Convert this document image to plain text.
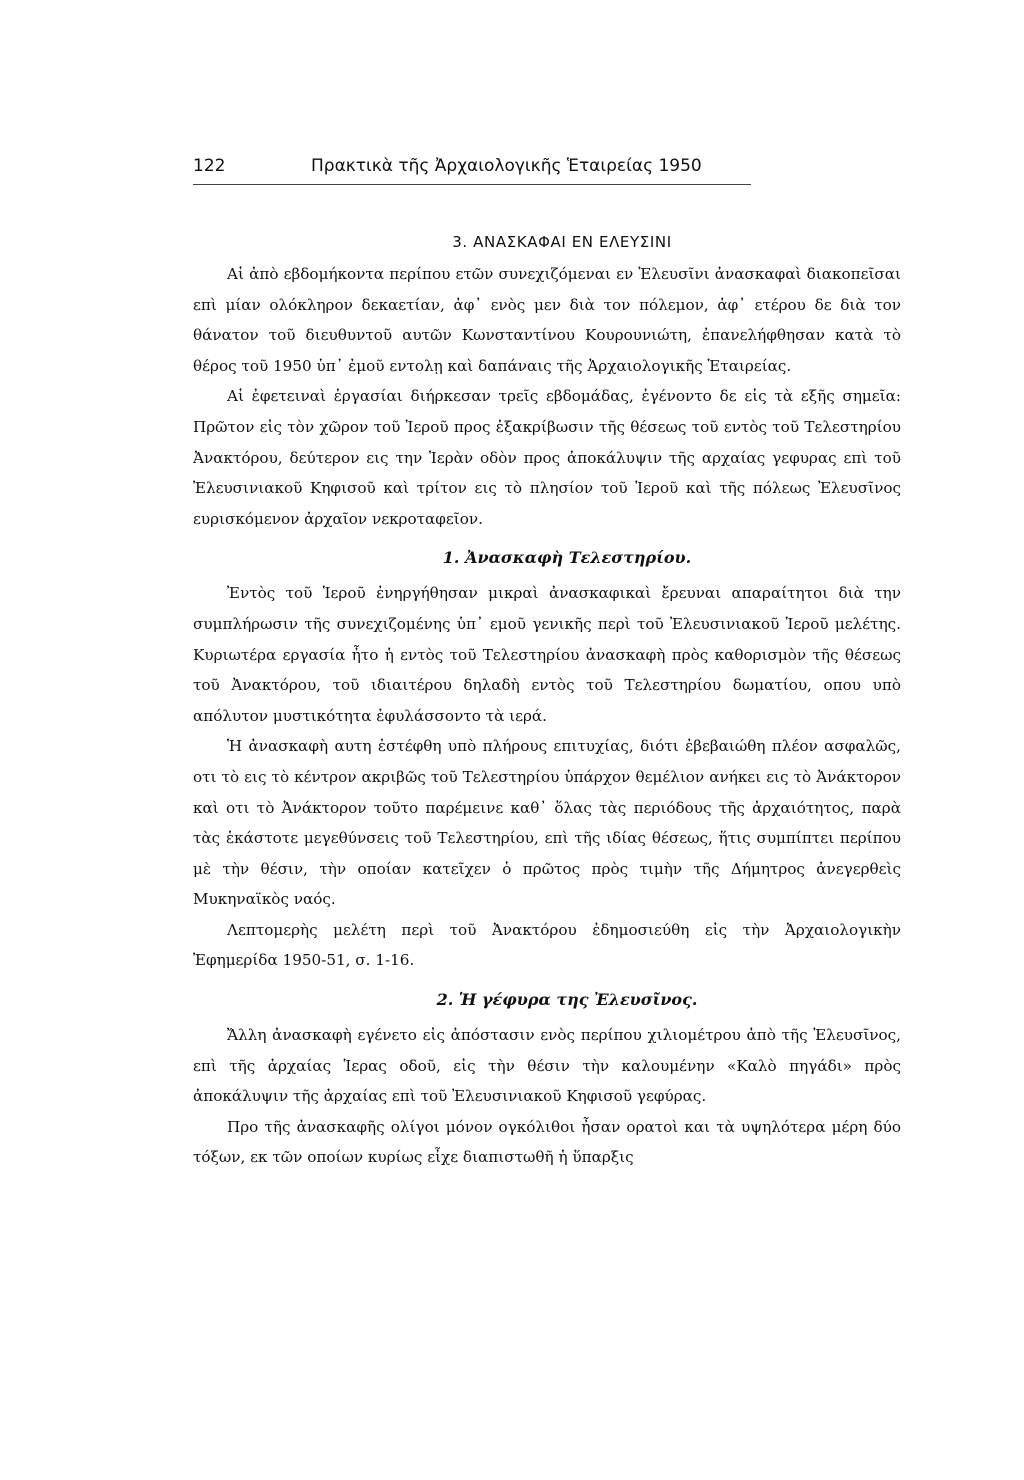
122	Πρακτικὰ τῆς Ἀρχαιολογικῆς Ἑταιρείας 1950

3. ΑΝΑΣΚΑΦΑΙ ΕΝ ΕΛΕΥΣΙΝΙ

Αἱ ἀπὸ εβδομήκοντα περίπου ετῶν συνεχιζόμεναι εν Ἐλευσῖνι ἀνασκαφαὶ διακοπεῖσαι επὶ μίαν ολόκληρον δεκαετίαν, ἀφ᾽ ενὸς μεν διὰ τον πόλεμον, ἀφ᾽ ετέρου δε διὰ τον θάνατον τοῦ διευθυντοῦ αυτῶν Κωνσταντίνου Κουρουνιώτη, ἐπανελήφθησαν κατὰ τὸ θέρος τοῦ 1950 ὑπ᾽ ἐμοῦ εντολῃ καὶ δαπάναις τῆς Ἀρχαιολογικῆς Ἑταιρείας.

Αἱ ἐφετειναὶ ἐργασίαι διήρκεσαν τρεῖς εβδομάδας, ἐγένοντο δε εἰς τὰ εξῆς σημεῖα: Πρῶτον εἰς τὸν χῶρον τοῦ Ἱεροῦ προς ἐξακρίβωσιν τῆς θέσεως τοῦ εντὸς τοῦ Τελεστηρίου Ἀνακτόρου, δεύτερον εις την Ἱερὰν οδὸν προς ἀποκάλυψιν τῆς αρχαίας γεφυρας επὶ τοῦ Ἐλευσινιακοῦ Κηφισοῦ καὶ τρίτον εις τὸ πλησίον τοῦ Ἱεροῦ καὶ τῆς πόλεως Ἐλευσῖνος ευρισκόμενον ἀρχαῖον νεκροταφεῖον.

1. Ἀνασκαφὴ Τελεστηρίου.

Ἐντὸς τοῦ Ἱεροῦ ἐνηργήθησαν μικραὶ ἀνασκαφικαὶ ἔρευναι απαραίτητοι διὰ την συμπλήρωσιν τῆς συνεχιζομένης ὑπ᾽ εμοῦ γενικῆς περὶ τοῦ Ἐλευσινιακοῦ Ἱεροῦ μελέτης. Κυριωτέρα εργασία ἦτο ἡ εντὸς τοῦ Τελεστηρίου ἀνασκαφὴ πρὸς καθορισμὸν τῆς θέσεως τοῦ Ἀνακτόρου, τοῦ ιδιαιτέρου δηλαδὴ εντὸς τοῦ Τελεστηρίου δωματίου, οπου υπὸ απόλυτον μυστικότητα ἐφυλάσσοντο τὰ ιερά.

Ἡ ἀνασκαφὴ αυτη ἐστέφθη υπὸ πλήρους επιτυχίας, διότι ἐβεβαιώθη πλέον ασφαλῶς, οτι τὸ εις τὸ κέντρον ακριβῶς τοῦ Τελεστηρίου ὑπάρχον θεμέλιον ανήκει εις τὸ Ἀνάκτορον καὶ οτι τὸ Ἀνάκτορον τοῦτο παρέμεινε καθ᾽ ὅλας τὰς περιόδους τῆς ἀρχαιότητος, παρὰ τὰς ἑκάστοτε μεγεθύνσεις τοῦ Τελεστηρίου, επὶ τῆς ιδίας θέσεως, ἥτις συμπίπτει περίπου μὲ τὴν θέσιν, τὴν οποίαν κατεῖχεν ὁ πρῶτος πρὸς τιμὴν τῆς Δήμητρος ἀνεγερθεὶς Μυκηναϊκὸς ναός.

Λεπτομερὴς μελέτη περὶ τοῦ Ἀνακτόρου ἐδημοσιεύθη εἰς τὴν Ἀρχαιολογικὴν Ἐφημερίδα 1950-51, σ. 1-16.

2. Ἡ γέφυρα της Ἐλευσῖνος.

Ἄλλη ἀνασκαφὴ εγένετο εἰς ἀπόστασιν ενὸς περίπου χιλιομέτρου ἀπὸ τῆς Ἐλευσῖνος, επὶ τῆς ἀρχαίας Ἱερας οδοῦ, εἰς τὴν θέσιν τὴν καλουμένην «Καλὸ πηγάδι» πρὸς ἀποκάλυψιν τῆς ἀρχαίας επὶ τοῦ Ἐλευσινιακοῦ Κηφισοῦ γεφύρας.

Προ τῆς ἀνασκαφῆς ολίγοι μόνον ογκόλιθοι ἦσαν ορατοὶ και τὰ υψηλότερα μέρη δύο τόξων, εκ τῶν οποίων κυρίως εἶχε διαπιστωθῆ ἡ ὕπαρξις
